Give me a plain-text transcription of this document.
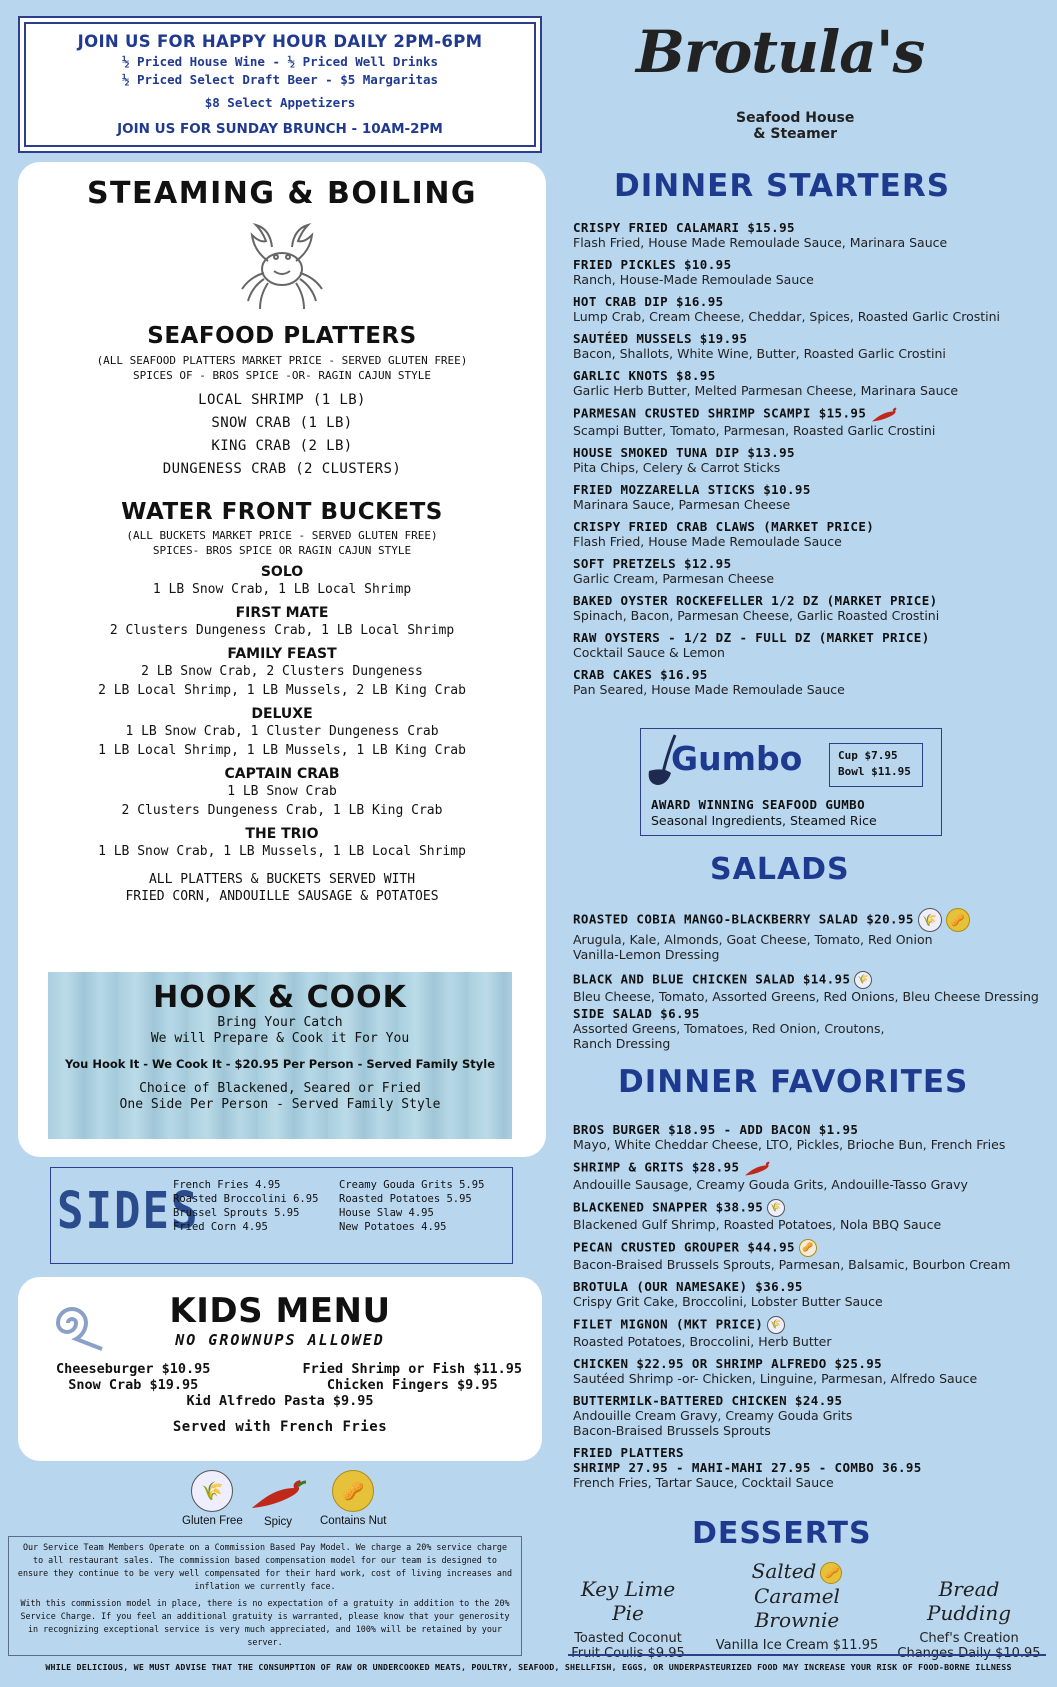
JOIN US FOR HAPPY HOUR DAILY 2PM-6PM
½ Priced House Wine - ½ Priced Well Drinks
½ Priced Select Draft Beer - $5 Margaritas
$8 Select Appetizers
JOIN US FOR SUNDAY BRUNCH - 10AM-2PM
STEAMING & BOILING
SEAFOOD PLATTERS
(ALL SEAFOOD PLATTERS MARKET PRICE - SERVED GLUTEN FREE)
SPICES OF - BROS SPICE -OR- RAGIN CAJUN STYLE
LOCAL SHRIMP (1 LB)
SNOW CRAB (1 LB)
KING CRAB (2 LB)
DUNGENESS CRAB (2 CLUSTERS)
WATER FRONT BUCKETS
(ALL BUCKETS MARKET PRICE - SERVED GLUTEN FREE)
SPICES- BROS SPICE OR RAGIN CAJUN STYLE
SOLO
1 LB Snow Crab, 1 LB Local Shrimp
FIRST MATE
2 Clusters Dungeness Crab, 1 LB Local Shrimp
FAMILY FEAST
2 LB Snow Crab, 2 Clusters Dungeness
2 LB Local Shrimp, 1 LB Mussels, 2 LB King Crab
DELUXE
1 LB Snow Crab, 1 Cluster Dungeness Crab
1 LB Local Shrimp, 1 LB Mussels, 1 LB King Crab
CAPTAIN CRAB
1 LB Snow Crab
2 Clusters Dungeness Crab, 1 LB King Crab
THE TRIO
1 LB Snow Crab, 1 LB Mussels, 1 LB Local Shrimp
ALL PLATTERS & BUCKETS SERVED WITH
FRIED CORN, ANDOUILLE SAUSAGE & POTATOES
HOOK & COOK
Bring Your Catch
We will Prepare & Cook it For You
You Hook It - We Cook It - $20.95 Per Person - Served Family Style
Choice of Blackened, Seared or Fried
One Side Per Person - Served Family Style
SIDES
French Fries 4.95	Creamy Gouda Grits 5.95
Roasted Broccolini 6.95	Roasted Potatoes 5.95
Brussel Sprouts 5.95	House Slaw 4.95
Fried Corn 4.95	New Potatoes 4.95
KIDS MENU
NO GROWNUPS ALLOWED
Cheeseburger $10.95
Snow Crab $19.95
Fried Shrimp or Fish $11.95
Chicken Fingers $9.95
Kid Alfredo Pasta $9.95
Served with French Fries
🌾
Gluten Free	Spicy
🥜
Contains Nut
Our Service Team Members Operate on a Commission Based Pay Model. We charge a 20% service charge to all restaurant sales. The commission based compensation model for our team is designed to ensure they continue to be very well compensated for their hard work, cost of living increases and inflation we currently face.
With this commission model in place, there is no expectation of a gratuity in addition to the 20% Service Charge. If you feel an additional gratuity is warranted, please know that your generosity in recognizing exceptional service is very much appreciated, and 100% will be retained by your server.
WHILE DELICIOUS, WE MUST ADVISE THAT THE CONSUMPTION OF RAW OR UNDERCOOKED MEATS, POULTRY, SEAFOOD, SHELLFISH, EGGS, OR UNDERPASTEURIZED FOOD MAY INCREASE YOUR RISK OF FOOD-BORNE ILLNESS
Brotula's
Seafood House
& Steamer
DINNER STARTERS
CRISPY FRIED CALAMARI $15.95
Flash Fried, House Made Remoulade Sauce, Marinara Sauce
FRIED PICKLES $10.95
Ranch, House-Made Remoulade Sauce
HOT CRAB DIP $16.95
Lump Crab, Cream Cheese, Cheddar, Spices, Roasted Garlic Crostini
SAUTÉED MUSSELS $19.95
Bacon, Shallots, White Wine, Butter, Roasted Garlic Crostini
GARLIC KNOTS $8.95
Garlic Herb Butter, Melted Parmesan Cheese, Marinara Sauce
PARMESAN CRUSTED SHRIMP SCAMPI $15.95
Scampi Butter, Tomato, Parmesan, Roasted Garlic Crostini
HOUSE SMOKED TUNA DIP $13.95
Pita Chips, Celery & Carrot Sticks
FRIED MOZZARELLA STICKS $10.95
Marinara Sauce, Parmesan Cheese
CRISPY FRIED CRAB CLAWS (MARKET PRICE)
Flash Fried, House Made Remoulade Sauce
SOFT PRETZELS $12.95
Garlic Cream, Parmesan Cheese
BAKED OYSTER ROCKEFELLER 1/2 DZ (MARKET PRICE)
Spinach, Bacon, Parmesan Cheese, Garlic Roasted Crostini
RAW OYSTERS - 1/2 DZ - FULL DZ (MARKET PRICE)
Cocktail Sauce & Lemon
CRAB CAKES $16.95
Pan Seared, House Made Remoulade Sauce
Gumbo	Cup $7.95
Bowl $11.95
AWARD WINNING SEAFOOD GUMBO
Seasonal Ingredients, Steamed Rice
SALADS
ROASTED COBIA MANGO-BLACKBERRY SALAD $20.95 🌾 🥜
Arugula, Kale, Almonds, Goat Cheese, Tomato, Red Onion
Vanilla-Lemon Dressing
BLACK AND BLUE CHICKEN SALAD $14.95 🌾
Bleu Cheese, Tomato, Assorted Greens, Red Onions, Bleu Cheese Dressing
SIDE SALAD $6.95
Assorted Greens, Tomatoes, Red Onion, Croutons,
Ranch Dressing
DINNER FAVORITES
BROS BURGER $18.95 - ADD BACON $1.95
Mayo, White Cheddar Cheese, LTO, Pickles, Brioche Bun, French Fries
SHRIMP & GRITS $28.95
Andouille Sausage, Creamy Gouda Grits, Andouille-Tasso Gravy
BLACKENED SNAPPER $38.95 🌾
Blackened Gulf Shrimp, Roasted Potatoes, Nola BBQ Sauce
PECAN CRUSTED GROUPER $44.95 🥜
Bacon-Braised Brussels Sprouts, Parmesan, Balsamic, Bourbon Cream
BROTULA (OUR NAMESAKE) $36.95
Crispy Grit Cake, Broccolini, Lobster Butter Sauce
FILET MIGNON (MKT PRICE) 🌾
Roasted Potatoes, Broccolini, Herb Butter
CHICKEN $22.95 OR SHRIMP ALFREDO $25.95
Sautéed Shrimp -or- Chicken, Linguine, Parmesan, Alfredo Sauce
BUTTERMILK-BATTERED CHICKEN $24.95
Andouille Cream Gravy, Creamy Gouda Grits
Bacon-Braised Brussels Sprouts
FRIED PLATTERS
SHRIMP 27.95 - MAHI-MAHI 27.95 - COMBO 36.95
French Fries, Tartar Sauce, Cocktail Sauce
DESSERTS
Key Lime Pie
Toasted Coconut
Salted 🥜
Caramel Brownie
Vanilla Ice Cream $11.95
Bread Pudding
Chef's Creation
